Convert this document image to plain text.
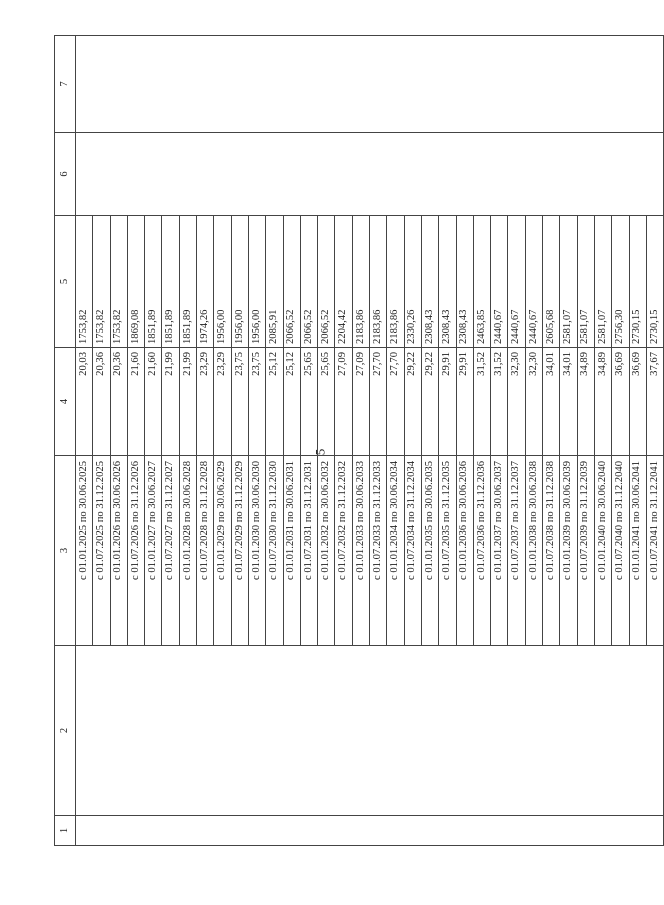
5
1	2	3	4	5	6	7
		с 01.01.2025 по 30.06.2025	20,03	1753,82		
		с 01.07.2025 по 31.12.2025	20,36	1753,82		
		с 01.01.2026 по 30.06.2026	20,36	1753,82		
		с 01.07.2026 по 31.12.2026	21,60	1869,08		
		с 01.01.2027 по 30.06.2027	21,60	1851,89		
		с 01.07.2027 по 31.12.2027	21,99	1851,89		
		с 01.01.2028 по 30.06.2028	21,99	1851,89		
		с 01.07.2028 по 31.12.2028	23,29	1974,26		
		с 01.01.2029 по 30.06.2029	23,29	1956,00		
		с 01.07.2029 по 31.12.2029	23,75	1956,00		
		с 01.01.2030 по 30.06.2030	23,75	1956,00		
		с 01.07.2030 по 31.12.2030	25,12	2085,91		
		с 01.01.2031 по 30.06.2031	25,12	2066,52		
		с 01.07.2031 по 31.12.2031	25,65	2066,52		
		с 01.01.2032 по 30.06.2032	25,65	2066,52		
		с 01.07.2032 по 31.12.2032	27,09	2204,42		
		с 01.01.2033 по 30.06.2033	27,09	2183,86		
		с 01.07.2033 по 31.12.2033	27,70	2183,86		
		с 01.01.2034 по 30.06.2034	27,70	2183,86		
		с 01.07.2034 по 31.12.2034	29,22	2330,26		
		с 01.01.2035 по 30.06.2035	29,22	2308,43		
		с 01.07.2035 по 31.12.2035	29,91	2308,43		
		с 01.01.2036 по 30.06.2036	29,91	2308,43		
		с 01.07.2036 по 31.12.2036	31,52	2463,85		
		с 01.01.2037 по 30.06.2037	31,52	2440,67		
		с 01.07.2037 по 31.12.2037	32,30	2440,67		
		с 01.01.2038 по 30.06.2038	32,30	2440,67		
		с 01.07.2038 по 31.12.2038	34,01	2605,68		
		с 01.01.2039 по 30.06.2039	34,01	2581,07		
		с 01.07.2039 по 31.12.2039	34,89	2581,07		
		с 01.01.2040 по 30.06.2040	34,89	2581,07		
		с 01.07.2040 по 31.12.2040	36,69	2756,30		
		с 01.01.2041 по 30.06.2041	36,69	2730,15		
		с 01.07.2041 по 31.12.2041	37,67	2730,15		
